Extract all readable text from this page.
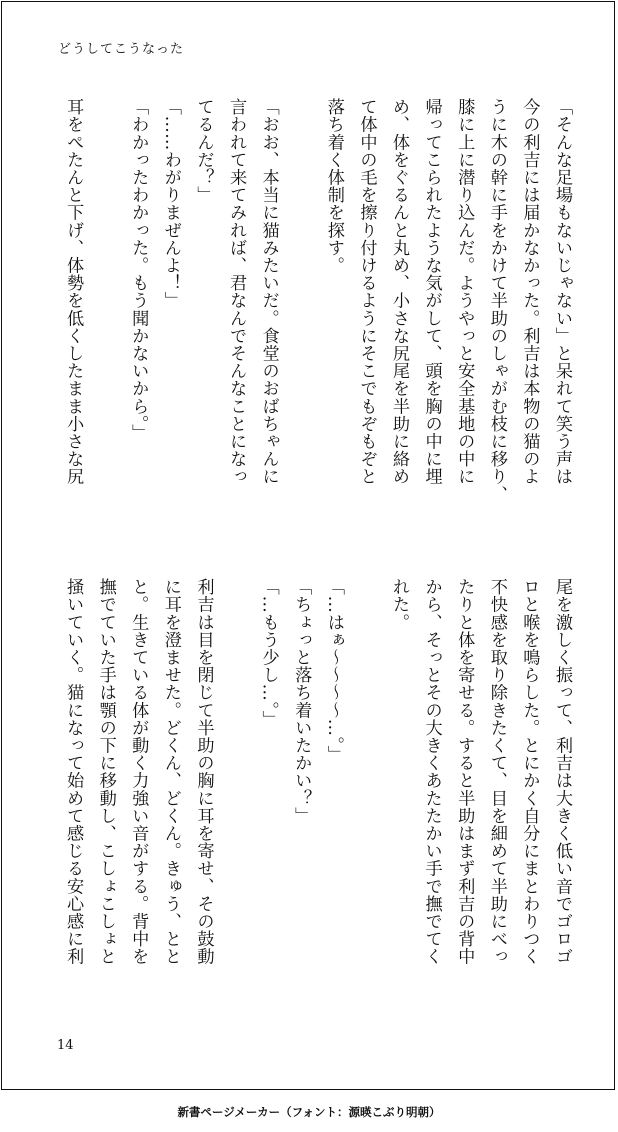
どうしてこうなった
「そんな足場もないじゃない」と呆れて笑う声は
今の利吉には届かなかった。利吉は本物の猫のよ
うに木の幹に手をかけて半助のしゃがむ枝に移り、
膝に上に潜り込んだ。ようやっと安全基地の中に
帰ってこられたような気がして、頭を胸の中に埋
め、体をぐるんと丸め、小さな尻尾を半助に絡め
て体中の毛を擦り付けるようにそこでもぞもぞと
落ち着く体制を探す。

「おお、本当に猫みたいだ。食堂のおばちゃんに
言われて来てみれば、君なんでそんなことになっ
てるんだ？」
「……わがりまぜんよ！」
「わかったわかった。もう聞かないから。」

耳をぺたんと下げ、体勢を低くしたまま小さな尻
尾を激しく振って、利吉は大きく低い音でゴロゴ
ロと喉を鳴らした。とにかく自分にまとわりつく
不快感を取り除きたくて、目を細めて半助にべっ
たりと体を寄せる。すると半助はまず利吉の背中
から、そっとその大きくあたたかい手で撫でてく
れた。

「…はぁ〜〜〜〜…。」
「ちょっと落ち着いたかい？」
「…もう少し…。」

利吉は目を閉じて半助の胸に耳を寄せ、その鼓動
に耳を澄ませた。どくん、どくん。きゅう、とと
と。生きている体が動く力強い音がする。背中を
撫でていた手は顎の下に移動し、こしょこしょと
掻いていく。猫になって始めて感じる安心感に利
14
新書ページメーカー（フォント：源暎こぶり明朝）
